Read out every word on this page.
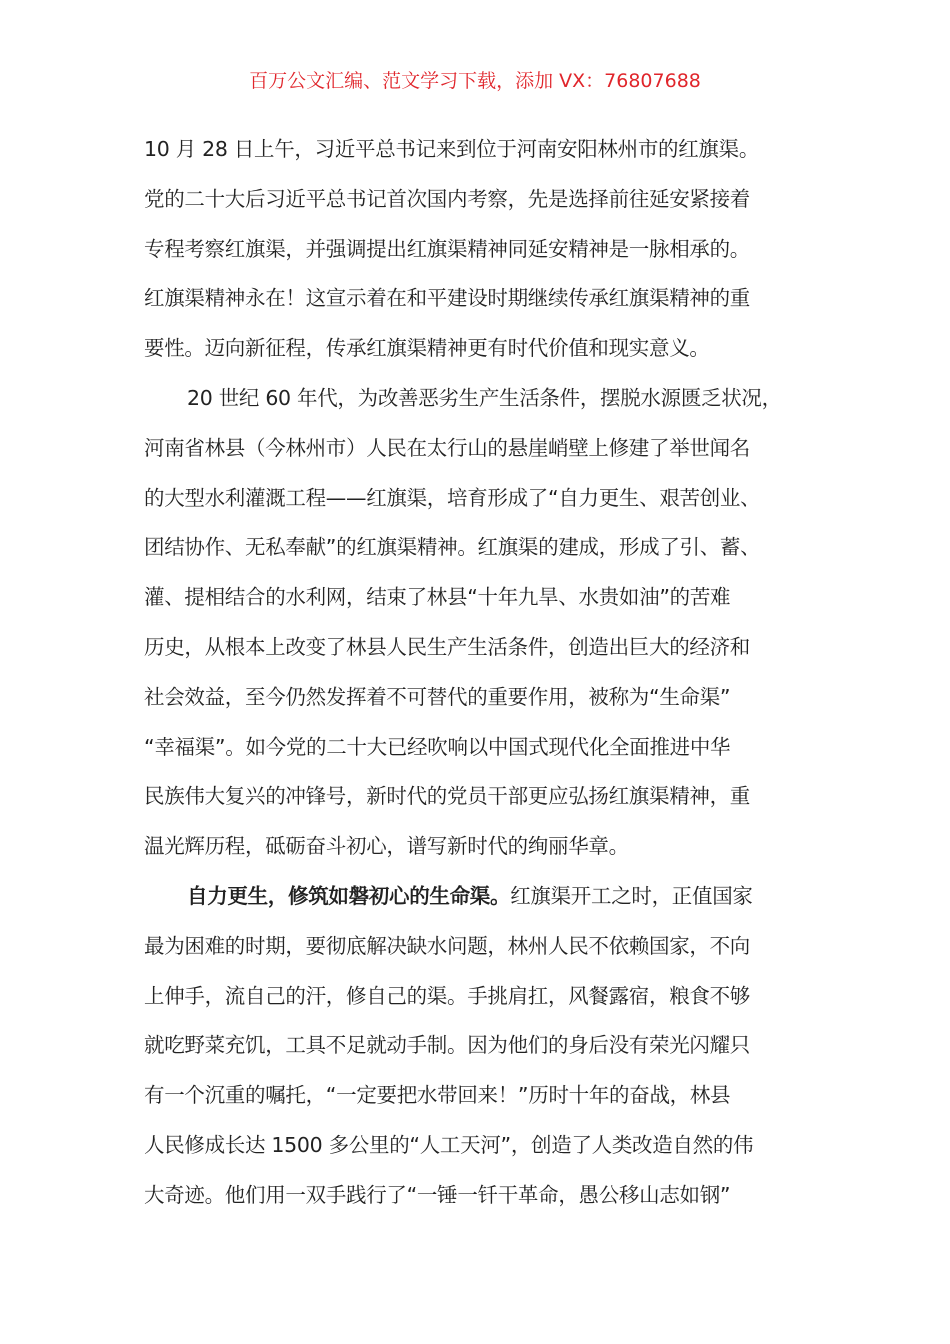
百万公文汇编、范文学习下载，添加 VX：76807688
10 月 28 日上午，习近平总书记来到位于河南安阳林州市的红旗渠。
党的二十大后习近平总书记首次国内考察，先是选择前往延安紧接着
专程考察红旗渠，并强调提出红旗渠精神同延安精神是一脉相承的。
红旗渠精神永在！这宣示着在和平建设时期继续传承红旗渠精神的重
要性。迈向新征程，传承红旗渠精神更有时代价值和现实意义。
20 世纪 60 年代，为改善恶劣生产生活条件，摆脱水源匮乏状况，
河南省林县（今林州市）人民在太行山的悬崖峭壁上修建了举世闻名
的大型水利灌溉工程——红旗渠，培育形成了“自力更生、艰苦创业、
团结协作、无私奉献”的红旗渠精神。红旗渠的建成，形成了引、蓄、
灌、提相结合的水利网，结束了林县“十年九旱、水贵如油”的苦难
历史，从根本上改变了林县人民生产生活条件，创造出巨大的经济和
社会效益，至今仍然发挥着不可替代的重要作用，被称为“生命渠”
“幸福渠”。如今党的二十大已经吹响以中国式现代化全面推进中华
民族伟大复兴的冲锋号，新时代的党员干部更应弘扬红旗渠精神，重
温光辉历程，砥砺奋斗初心，谱写新时代的绚丽华章。
自力更生，修筑如磐初心的生命渠。红旗渠开工之时，正值国家
最为困难的时期，要彻底解决缺水问题，林州人民不依赖国家，不向
上伸手，流自己的汗，修自己的渠。手挑肩扛，风餐露宿，粮食不够
就吃野菜充饥，工具不足就动手制。因为他们的身后没有荣光闪耀只
有一个沉重的嘱托，“一定要把水带回来！”历时十年的奋战，林县
人民修成长达 1500 多公里的“人工天河”，创造了人类改造自然的伟
大奇迹。他们用一双手践行了“一锤一钎干革命，愚公移山志如钢”
